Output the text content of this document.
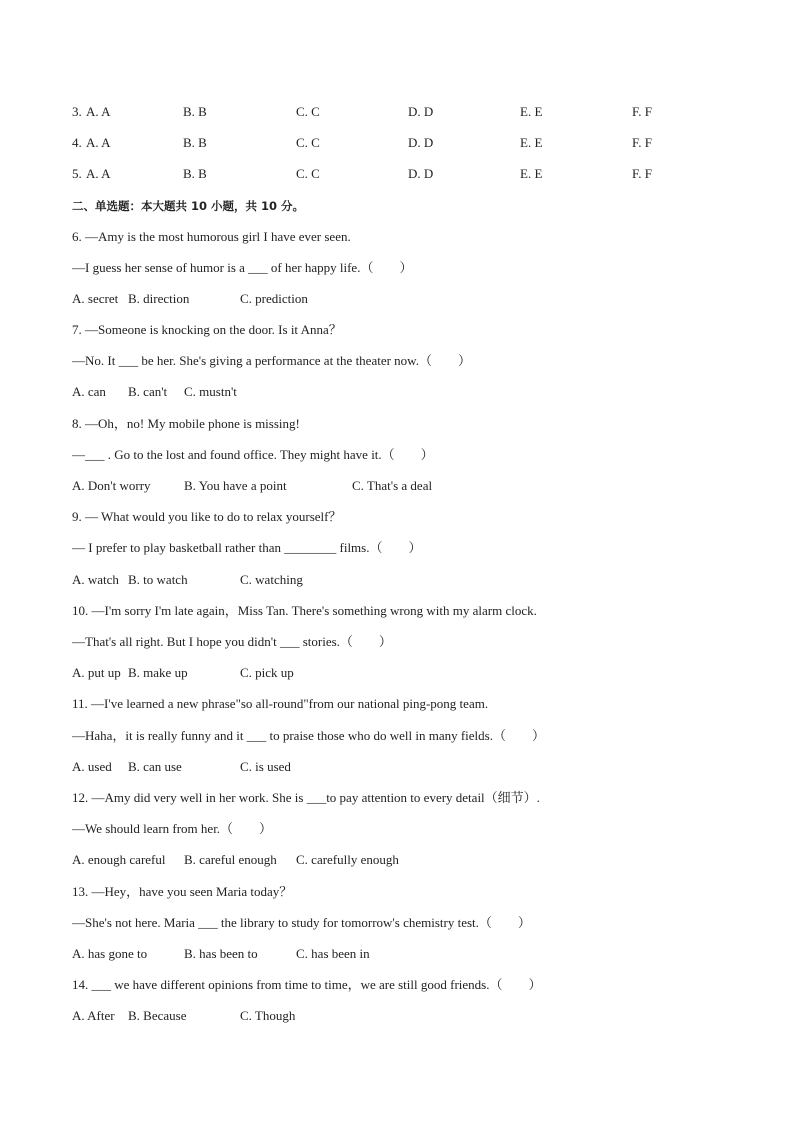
3. A. A	B. B	C. C	D. D	E. E	F. F
4. A. A	B. B	C. C	D. D	E. E	F. F
5. A. A	B. B	C. C	D. D	E. E	F. F
二、单选题：本大题共 10 小题，共 10 分。
6. —Amy is the most humorous girl I have ever seen.
—I guess her sense of humor is a ___ of her happy life.（　　）
A. secret B. direction	C. prediction
7. —Someone is knocking on the door. Is it Anna？
—No. It ___ be her. She's giving a performance at the theater now.（　　）
A. can B. can't C. mustn't
8. —Oh，no! My mobile phone is missing!
—___ . Go to the lost and found office. They might have it.（　　）
A. Don't worry	B. You have a point	C. That's a deal
9. — What would you like to do to relax yourself？
— I prefer to play basketball rather than ________ films.（　　）
A. watch B. to watch	C. watching
10. —I'm sorry I'm late again，Miss Tan. There's something wrong with my alarm clock.
—That's all right. But I hope you didn't ___ stories.（　　）
A. put up B. make up	C. pick up
11. —I've learned a new phrase"so all-round"from our national ping-pong team.
—Haha，it is really funny and it ___ to praise those who do well in many fields.（　　）
A. used B. can use	C. is used
12. —Amy did very well in her work. She is ___to pay attention to every detail（细节）.
—We should learn from her.（　　）
A. enough careful B. careful enough C. carefully enough
13. —Hey，have you seen Maria today？
—She's not here. Maria ___ the library to study for tomorrow's chemistry test.（　　）
A. has gone to	B. has been to	C. has been in
14. ___ we have different opinions from time to time，we are still good friends.（　　）
A. After B. Because	C. Though
